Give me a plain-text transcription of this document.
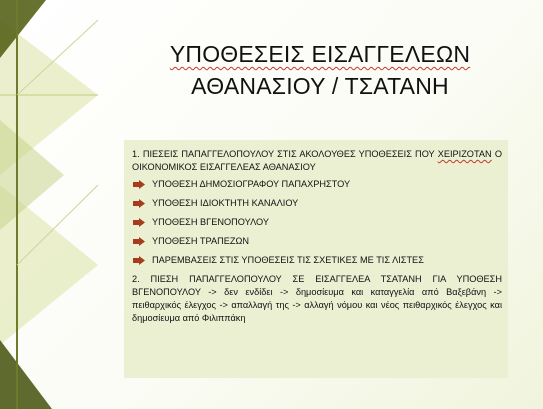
ΥΠΟΘΕΣΕΙΣ ΕΙΣΑΓΓΕΛΕΩΝ
ΑΘΑΝΑΣΙΟΥ / ΤΣΑΤΑΝΗ

1. ΠΙΕΣΕΙΣ ΠΑΠΑΓΓΕΛΟΠΟΥΛΟΥ ΣΤΙΣ ΑΚΟΛΟΥΘΕΣ ΥΠΟΘΕΣΕΙΣ ΠΟΥ ΧΕΙΡΙΖΟΤΑΝ Ο ΟΙΚΟΝΟΜΙΚΟΣ ΕΙΣΑΓΓΕΛΕΑΣ ΑΘΑΝΑΣΙΟΥ

ΥΠΟΘΕΣΗ ΔΗΜΟΣΙΟΓΡΑΦΟΥ ΠΑΠΑΧΡΗΣΤΟΥ
ΥΠΟΘΕΣΗ ΙΔΙΟΚΤΗΤΗ ΚΑΝΑΛΙΟΥ
ΥΠΟΘΕΣΗ ΒΓΕΝΟΠΟΥΛΟΥ
ΥΠΟΘΕΣΗ ΤΡΑΠΕΖΩΝ
ΠΑΡΕΜΒΑΣΕΙΣ ΣΤΙΣ ΥΠΟΘΕΣΕΙΣ ΤΙΣ ΣΧΕΤΙΚΕΣ ΜΕ ΤΙΣ ΛΙΣΤΕΣ

2. ΠΙΕΣΗ ΠΑΠΑΓΓΕΛΟΠΟΥΛΟΥ ΣΕ ΕΙΣΑΓΓΕΛΕΑ ΤΣΑΤΑΝΗ ΓΙΑ ΥΠΟΘΕΣΗ ΒΓΕΝΟΠΟΥΛΟΥ -> δεν ενδίδει -> δημοσίευμα και καταγγελία από Βαξεβάνη -> πειθαρχικός έλεγχος -> απαλλαγή της -> αλλαγή νόμου και νέος πειθαρχικός έλεγχος και δημοσίευμα από Φιλιππάκη
